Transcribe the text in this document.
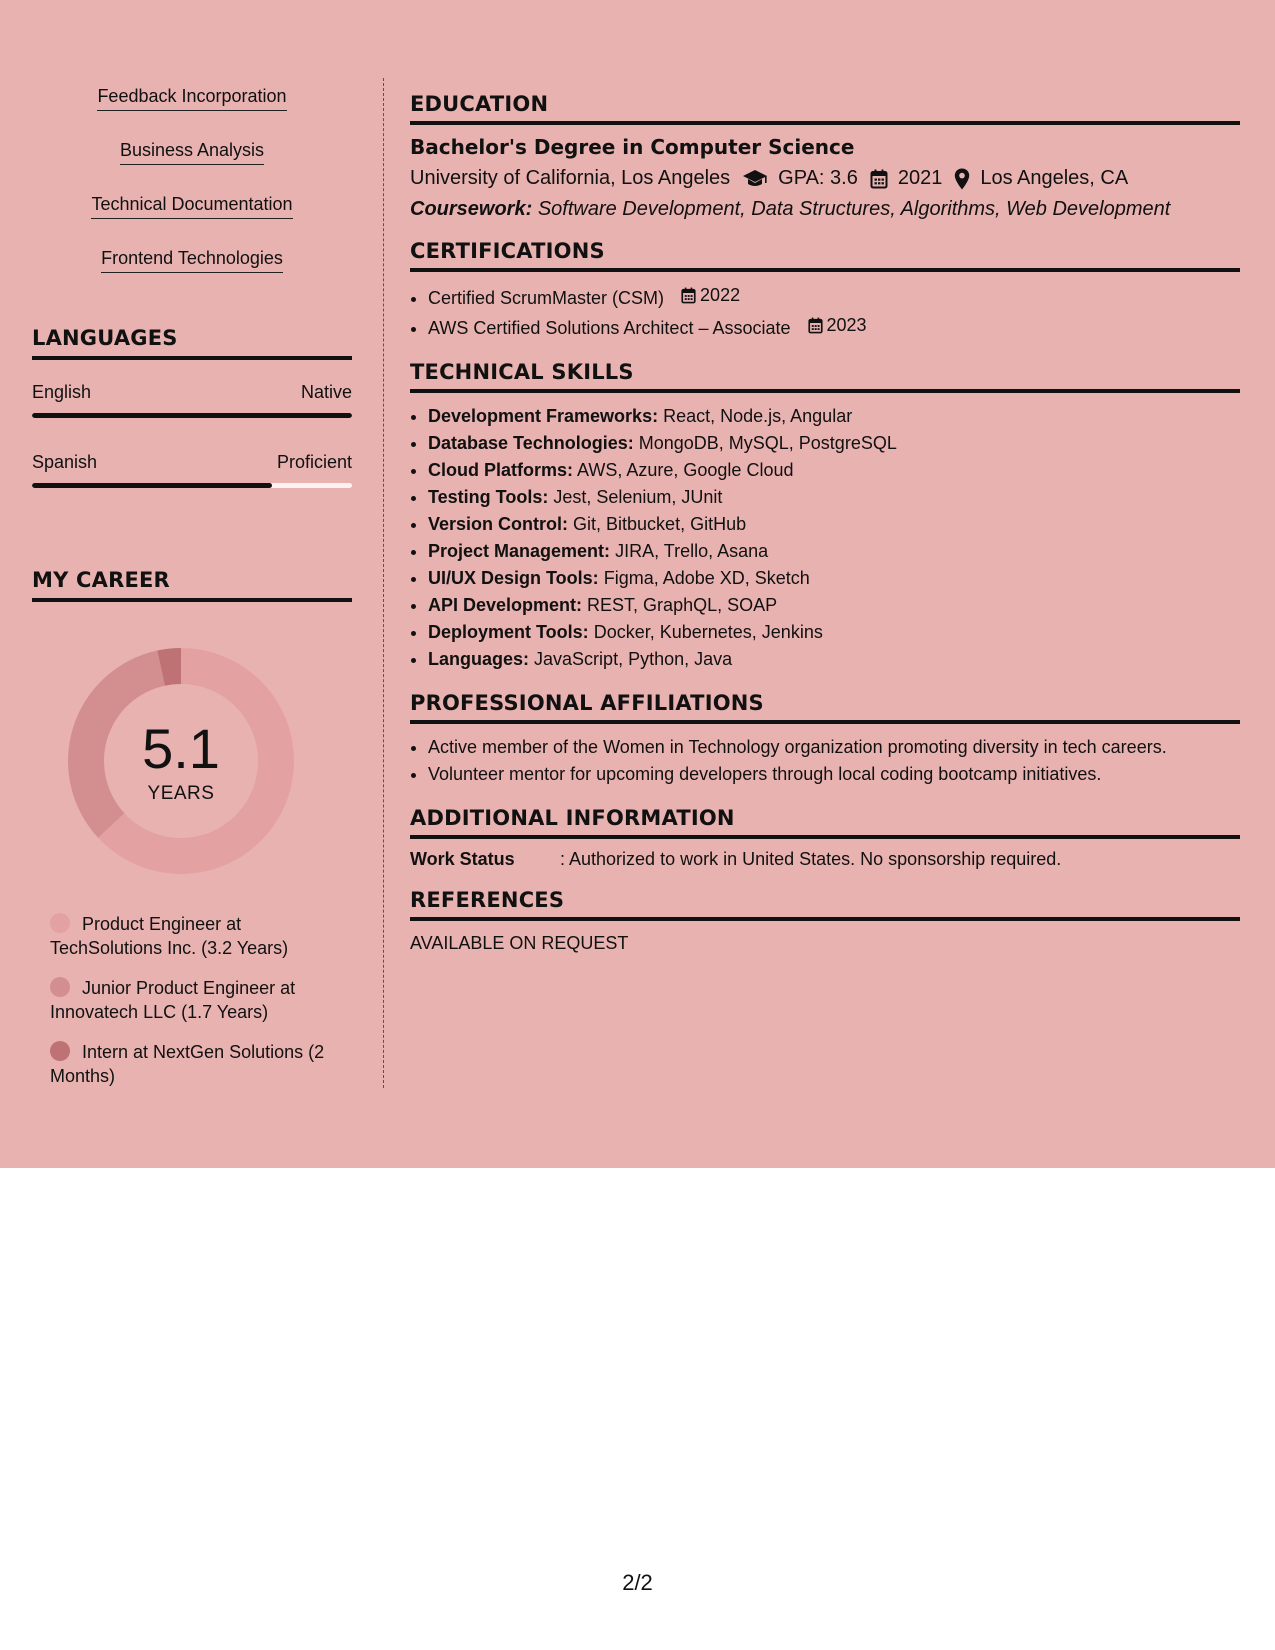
Feedback Incorporation
Business Analysis
Technical Documentation
Frontend Technologies
LANGUAGES
English	Native
Spanish	Proficient
MY CAREER
5.1
YEARS
Product Engineer at TechSolutions Inc. (3.2 Years)
Junior Product Engineer at Innovatech LLC (1.7 Years)
Intern at NextGen Solutions (2 Months)
EDUCATION
Bachelor's Degree in Computer Science
University of California, Los Angeles GPA: 3.6 2021 Los Angeles, CA
Coursework: Software Development, Data Structures, Algorithms, Web Development
CERTIFICATIONS
• Certified ScrumMaster (CSM) 2022
• AWS Certified Solutions Architect – Associate 2023
TECHNICAL SKILLS
• Development Frameworks: React, Node.js, Angular
• Database Technologies: MongoDB, MySQL, PostgreSQL
• Cloud Platforms: AWS, Azure, Google Cloud
• Testing Tools: Jest, Selenium, JUnit
• Version Control: Git, Bitbucket, GitHub
• Project Management: JIRA, Trello, Asana
• UI/UX Design Tools: Figma, Adobe XD, Sketch
• API Development: REST, GraphQL, SOAP
• Deployment Tools: Docker, Kubernetes, Jenkins
• Languages: JavaScript, Python, Java
PROFESSIONAL AFFILIATIONS
• Active member of the Women in Technology organization promoting diversity in tech careers.
• Volunteer mentor for upcoming developers through local coding bootcamp initiatives.
ADDITIONAL INFORMATION
Work Status	: Authorized to work in United States. No sponsorship required.
REFERENCES
AVAILABLE ON REQUEST
2/2
